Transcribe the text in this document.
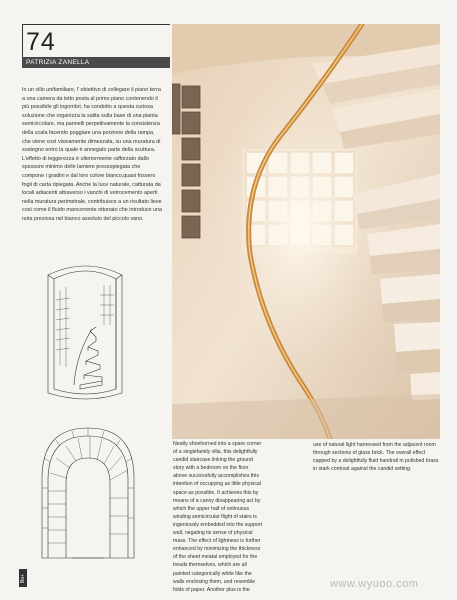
74
PATRIZIA ZANELLA
In un villo unifamiliare, l' obiettivo di collegare il piano terra a una camera da letto posta al primo piano contenendo il più possibile gli ingombri, ha condotto a questa curiosa soluzione che organizza la salita sulla base di una pianta semicircolare, ma pannelli perpetiivamente la consistenza della scala facendo poggiare una porzione della rampa, che viene così visivamente dimezzata, su una muratura di sostegno entro la quale è annegato parte della scuttura. L'effetto di leggerezza è ulteriormente rafforzato dallo spessore minimo delle lamiere pressopiegata che compone i gradini e dal loro colore bianco,quasi fossero fogli di carta ripiegata. Anche la luce naturale, catturata da locali adiacenti attraverso i vanchi di vetrocemento aperti nella muratura perimetrale, contribuisce a un risultato lieve così come il fluido mancorrente ottonato che introduce una nota preziosa nel bianco assoluto del piccolo vano.
Neatly shoehorned into a spare corner of a singlefamily villa, this delightfully candid staircase linking the ground story with a bedroom on the floor above successfully accomplishes this intention of occupying as little physical space as possible. It achieves this by means of a canny disappearing act by which the upper half of ontinuous winding semicircular flight of stairs is ingeniously embedded into the support wall, negating its sense of physical mass. The effect of lightness is further enhanced by minimizing the thickness of the sheet meatal employed for the treads themselves, which are all painted categorically white like the walls enclosing them, and resemble folds of paper. Another plus is the
use of natural light harnessed from the adjacent room through sections of glass brick. The overall effect capped by a delightfully fluid handrail in polished brass in stark contrast against the candid setting.
Bo+	www.wyuoo.com
